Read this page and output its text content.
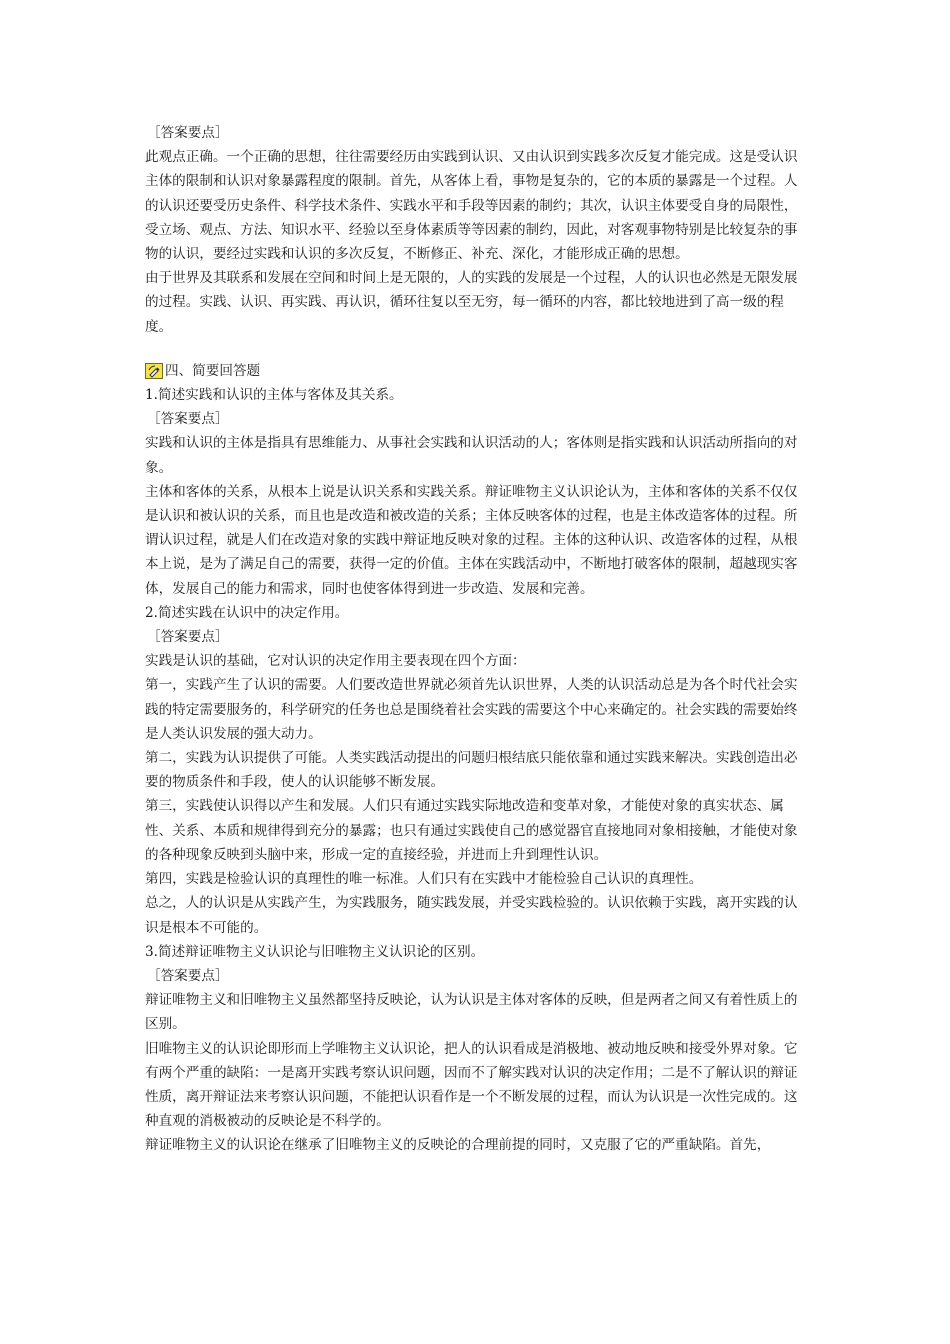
［答案要点］

此观点正确。一个正确的思想，往往需要经历由实践到认识、又由认识到实践多次反复才能完成。这是受认识主体的限制和认识对象暴露程度的限制。首先，从客体上看，事物是复杂的，它的本质的暴露是一个过程。人的认识还要受历史条件、科学技术条件、实践水平和手段等因素的制约；其次，认识主体要受自身的局限性，受立场、观点、方法、知识水平、经验以至身体素质等等因素的制约，因此，对客观事物特别是比较复杂的事物的认识，要经过实践和认识的多次反复，不断修正、补充、深化，才能形成正确的思想。

由于世界及其联系和发展在空间和时间上是无限的，人的实践的发展是一个过程，人的认识也必然是无限发展的过程。实践、认识、再实践、再认识，循环往复以至无穷，每一循环的内容，都比较地进到了高一级的程度。

四、简要回答题

1.简述实践和认识的主体与客体及其关系。

［答案要点］

实践和认识的主体是指具有思维能力、从事社会实践和认识活动的人；客体则是指实践和认识活动所指向的对象。

主体和客体的关系，从根本上说是认识关系和实践关系。辩证唯物主义认识论认为，主体和客体的关系不仅仅是认识和被认识的关系，而且也是改造和被改造的关系；主体反映客体的过程，也是主体改造客体的过程。所谓认识过程，就是人们在改造对象的实践中辩证地反映对象的过程。主体的这种认识、改造客体的过程，从根本上说，是为了满足自己的需要，获得一定的价值。主体在实践活动中，不断地打破客体的限制，超越现实客体，发展自己的能力和需求，同时也使客体得到进一步改造、发展和完善。

2.简述实践在认识中的决定作用。

［答案要点］

实践是认识的基础，它对认识的决定作用主要表现在四个方面：

第一，实践产生了认识的需要。人们要改造世界就必须首先认识世界，人类的认识活动总是为各个时代社会实践的特定需要服务的，科学研究的任务也总是围绕着社会实践的需要这个中心来确定的。社会实践的需要始终是人类认识发展的强大动力。

第二，实践为认识提供了可能。人类实践活动提出的问题归根结底只能依靠和通过实践来解决。实践创造出必要的物质条件和手段，使人的认识能够不断发展。

第三，实践使认识得以产生和发展。人们只有通过实践实际地改造和变革对象，才能使对象的真实状态、属性、关系、本质和规律得到充分的暴露；也只有通过实践使自己的感觉器官直接地同对象相接触，才能使对象的各种现象反映到头脑中来，形成一定的直接经验，并进而上升到理性认识。

第四，实践是检验认识的真理性的唯一标准。人们只有在实践中才能检验自己认识的真理性。

总之，人的认识是从实践产生，为实践服务，随实践发展，并受实践检验的。认识依赖于实践，离开实践的认识是根本不可能的。

3.简述辩证唯物主义认识论与旧唯物主义认识论的区别。

［答案要点］

辩证唯物主义和旧唯物主义虽然都坚持反映论，认为认识是主体对客体的反映，但是两者之间又有着性质上的区别。

旧唯物主义的认识论即形而上学唯物主义认识论，把人的认识看成是消极地、被动地反映和接受外界对象。它有两个严重的缺陷：一是离开实践考察认识问题，因而不了解实践对认识的决定作用；二是不了解认识的辩证性质，离开辩证法来考察认识问题，不能把认识看作是一个不断发展的过程，而认为认识是一次性完成的。这种直观的消极被动的反映论是不科学的。

辩证唯物主义的认识论在继承了旧唯物主义的反映论的合理前提的同时，又克服了它的严重缺陷。首先，
